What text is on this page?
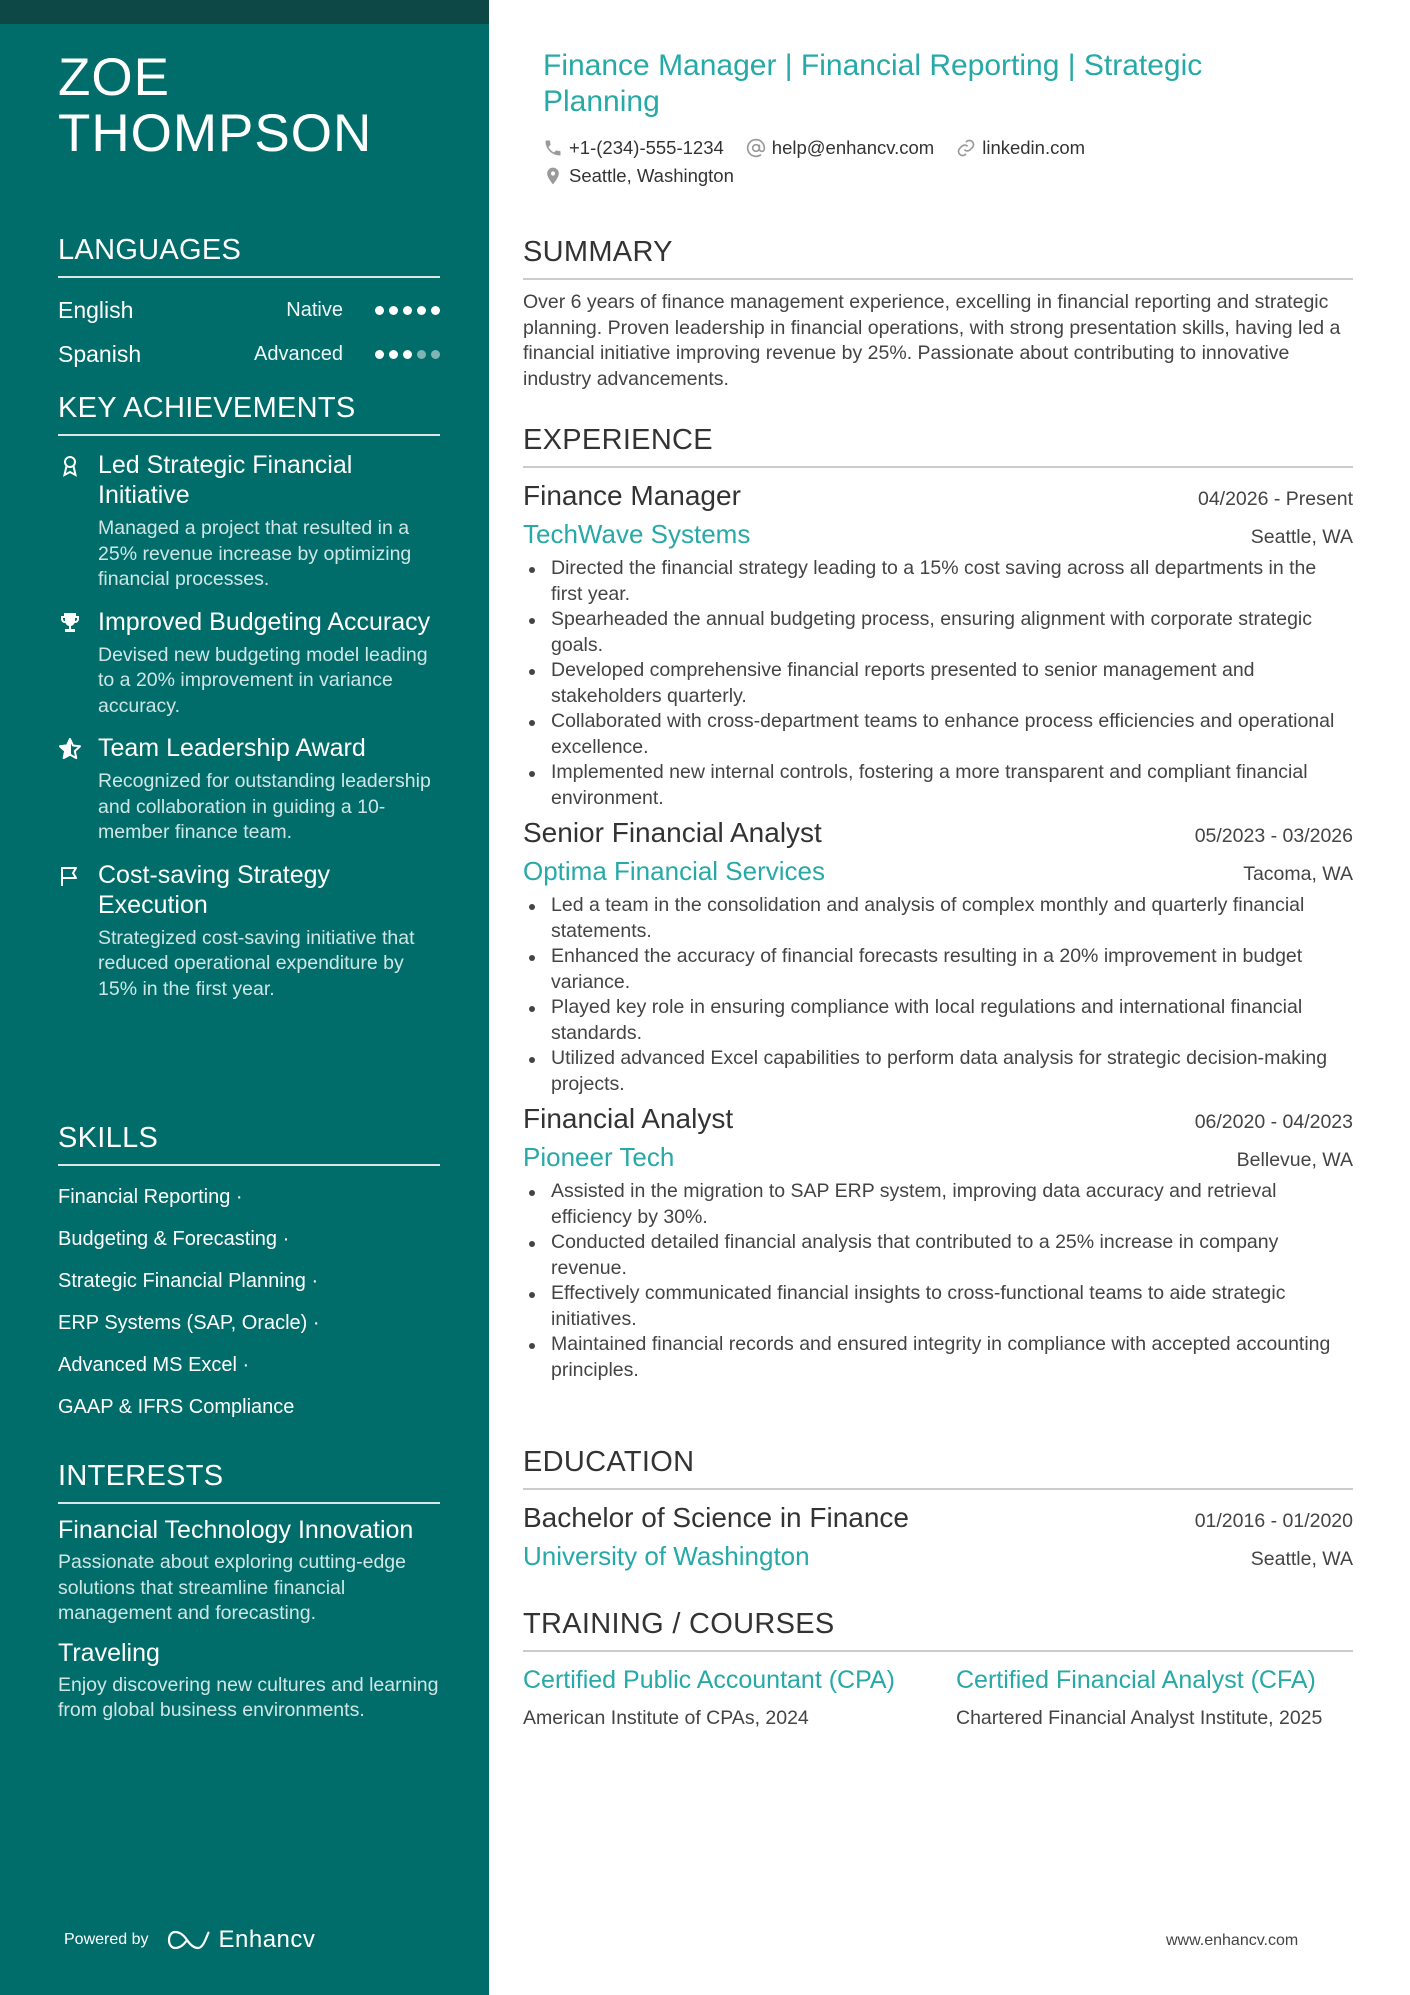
ZOE THOMPSON
LANGUAGES
English	Native
Spanish	Advanced
KEY ACHIEVEMENTS
Led Strategic Financial Initiative
Managed a project that resulted in a 25% revenue increase by optimizing financial processes.
Improved Budgeting Accuracy
Devised new budgeting model leading to a 20% improvement in variance accuracy.
Team Leadership Award
Recognized for outstanding leadership and collaboration in guiding a 10-member finance team.
Cost-saving Strategy Execution
Strategized cost-saving initiative that reduced operational expenditure by 15% in the first year.
SKILLS
Financial Reporting ·
Budgeting & Forecasting ·
Strategic Financial Planning ·
ERP Systems (SAP, Oracle) ·
Advanced MS Excel ·
GAAP & IFRS Compliance
INTERESTS
Financial Technology Innovation
Passionate about exploring cutting-edge solutions that streamline financial management and forecasting.
Traveling
Enjoy discovering new cultures and learning from global business environments.
Powered by	Enhancv
Finance Manager | Financial Reporting | Strategic Planning
+1-(234)-555-1234	help@enhancv.com	linkedin.com
Seattle, Washington
SUMMARY
Over 6 years of finance management experience, excelling in financial reporting and strategic planning. Proven leadership in financial operations, with strong presentation skills, having led a financial initiative improving revenue by 25%. Passionate about contributing to innovative industry advancements.
EXPERIENCE
Finance Manager	04/2026 - Present
TechWave Systems	Seattle, WA
Directed the financial strategy leading to a 15% cost saving across all departments in the first year.
Spearheaded the annual budgeting process, ensuring alignment with corporate strategic goals.
Developed comprehensive financial reports presented to senior management and stakeholders quarterly.
Collaborated with cross-department teams to enhance process efficiencies and operational excellence.
Implemented new internal controls, fostering a more transparent and compliant financial environment.
Senior Financial Analyst	05/2023 - 03/2026
Optima Financial Services	Tacoma, WA
Led a team in the consolidation and analysis of complex monthly and quarterly financial statements.
Enhanced the accuracy of financial forecasts resulting in a 20% improvement in budget variance.
Played key role in ensuring compliance with local regulations and international financial standards.
Utilized advanced Excel capabilities to perform data analysis for strategic decision-making projects.
Financial Analyst	06/2020 - 04/2023
Pioneer Tech	Bellevue, WA
Assisted in the migration to SAP ERP system, improving data accuracy and retrieval efficiency by 30%.
Conducted detailed financial analysis that contributed to a 25% increase in company revenue.
Effectively communicated financial insights to cross-functional teams to aide strategic initiatives.
Maintained financial records and ensured integrity in compliance with accepted accounting principles.
EDUCATION
Bachelor of Science in Finance	01/2016 - 01/2020
University of Washington	Seattle, WA
TRAINING / COURSES
Certified Public Accountant (CPA)
American Institute of CPAs, 2024
Certified Financial Analyst (CFA)
Chartered Financial Analyst Institute, 2025
www.enhancv.com
